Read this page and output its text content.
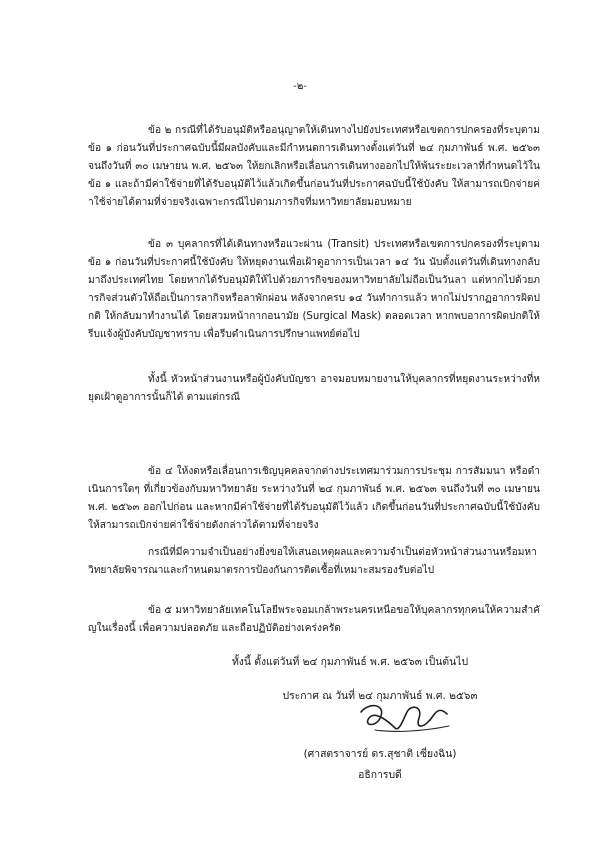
-๒-

ข้อ ๒ กรณีที่ได้รับอนุมัติหรืออนุญาตให้เดินทางไปยังประเทศหรือเขตการปกครองที่ระบุตามข้อ ๑ ก่อนวันที่ประกาศฉบับนี้มีผลบังคับและมีกำหนดการเดินทางตั้งแต่วันที่ ๒๔ กุมภาพันธ์ พ.ศ. ๒๕๖๓ จนถึงวันที่ ๓๐ เมษายน พ.ศ. ๒๕๖๓ ให้ยกเลิกหรือเลื่อนการเดินทางออกไปให้พ้นระยะเวลาที่กำหนดไว้ในข้อ ๑ และถ้ามีค่าใช้จ่ายที่ได้รับอนุมัติไว้แล้วเกิดขึ้นก่อนวันที่ประกาศฉบับนี้ใช้บังคับ ให้สามารถเบิกจ่ายค่าใช้จ่ายได้ตามที่จ่ายจริงเฉพาะกรณีไปตามภารกิจที่มหาวิทยาลัยมอบหมาย

ข้อ ๓ บุคลากรที่ได้เดินทางหรือแวะผ่าน (Transit) ประเทศหรือเขตการปกครองที่ระบุตามข้อ ๑ ก่อนวันที่ประกาศนี้ใช้บังคับ ให้หยุดงานเพื่อเฝ้าดูอาการเป็นเวลา ๑๔ วัน นับตั้งแต่วันที่เดินทางกลับมาถึงประเทศไทย โดยหากได้รับอนุมัติให้ไปด้วยภารกิจของมหาวิทยาลัยไม่ถือเป็นวันลา แต่หากไปด้วยภารกิจส่วนตัวให้ถือเป็นการลากิจหรือลาพักผ่อน หลังจากครบ ๑๔ วันทำการแล้ว หากไม่ปรากฏอาการผิดปกติ ให้กลับมาทำงานได้ โดยสวมหน้ากากอนามัย (Surgical Mask) ตลอดเวลา หากพบอาการผิดปกติให้รีบแจ้งผู้บังคับบัญชาทราบ เพื่อรีบดำเนินการปรึกษาแพทย์ต่อไป

ทั้งนี้ หัวหน้าส่วนงานหรือผู้บังคับบัญชา อาจมอบหมายงานให้บุคลากรที่หยุดงานระหว่างที่หยุดเฝ้าดูอาการนั้นก็ได้ ตามแต่กรณี

ข้อ ๔ ให้งดหรือเลื่อนการเชิญบุคคลจากต่างประเทศมาร่วมการประชุม การสัมมนา หรือดำเนินการใดๆ ที่เกี่ยวข้องกับมหาวิทยาลัย ระหว่างวันที่ ๒๔ กุมภาพันธ์ พ.ศ. ๒๕๖๓ จนถึงวันที่ ๓๐ เมษายน พ.ศ. ๒๕๖๓ ออกไปก่อน และหากมีค่าใช้จ่ายที่ได้รับอนุมัติไว้แล้ว เกิดขึ้นก่อนวันที่ประกาศฉบับนี้ใช้บังคับ ให้สามารถเบิกจ่ายค่าใช้จ่ายดังกล่าวได้ตามที่จ่ายจริง

กรณีที่มีความจำเป็นอย่างยิ่งขอให้เสนอเหตุผลและความจำเป็นต่อหัวหน้าส่วนงานหรือมหาวิทยาลัยพิจารณาและกำหนดมาตรการป้องกันการติดเชื้อที่เหมาะสมรองรับต่อไป

ข้อ ๕ มหาวิทยาลัยเทคโนโลยีพระจอมเกล้าพระนครเหนือขอให้บุคลากรทุกคนให้ความสำคัญในเรื่องนี้ เพื่อความปลอดภัย และถือปฏิบัติอย่างเคร่งครัด

ทั้งนี้ ตั้งแต่วันที่ ๒๔ กุมภาพันธ์ พ.ศ. ๒๕๖๓ เป็นต้นไป
ประกาศ ณ วันที่ ๒๔ กุมภาพันธ์ พ.ศ. ๒๕๖๓
(ศาสตราจารย์ ดร.สุชาติ เซี่ยงฉิน)
อธิการบดี
